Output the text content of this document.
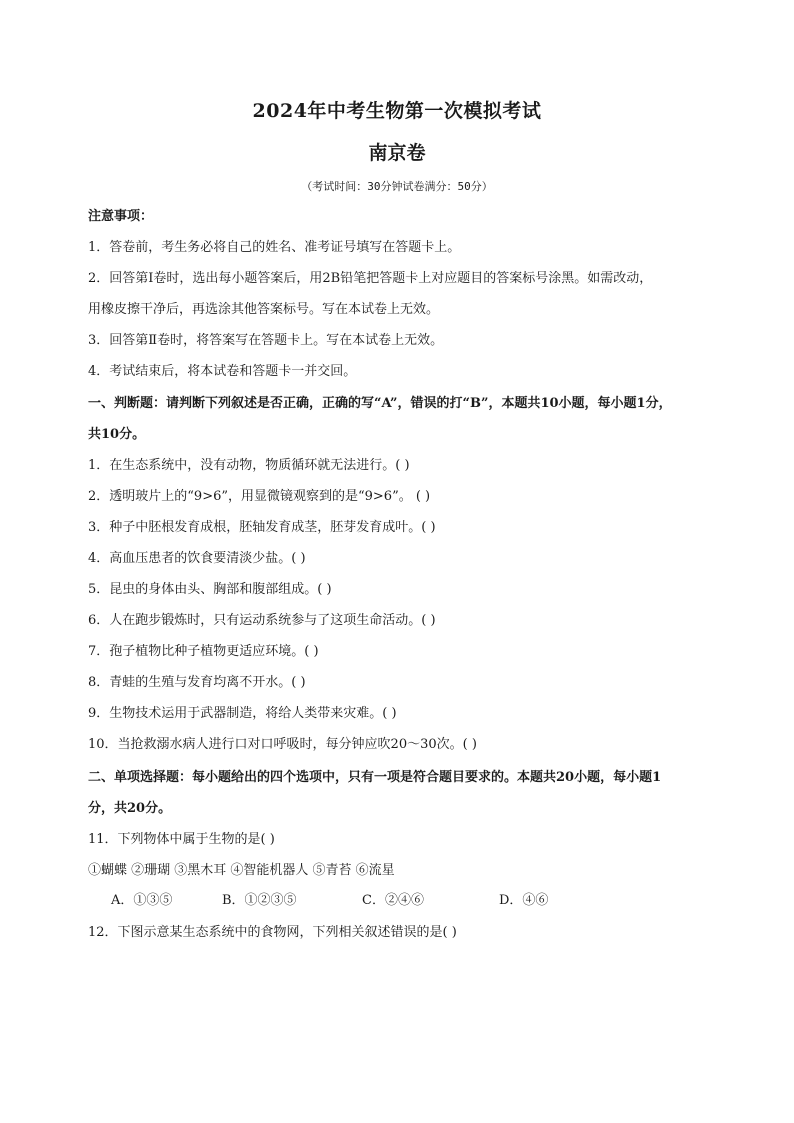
2024年中考生物第一次模拟考试
南京卷
（考试时间：30分钟试卷满分：50分）
注意事项：
1．答卷前，考生务必将自己的姓名、准考证号填写在答题卡上。
2．回答第Ⅰ卷时，选出每小题答案后，用2B铅笔把答题卡上对应题目的答案标号涂黑。如需改动，
用橡皮擦干净后，再选涂其他答案标号。写在本试卷上无效。
3．回答第Ⅱ卷时，将答案写在答题卡上。写在本试卷上无效。
4．考试结束后，将本试卷和答题卡一并交回。
一、判断题：请判断下列叙述是否正确，正确的写“A”，错误的打“B”，本题共10小题，每小题1分，
共10分。
1．在生态系统中，没有动物，物质循环就无法进行。( )
2．透明玻片上的“9>6”，用显微镜观察到的是“9>6”。 ( )
3．种子中胚根发育成根，胚轴发育成茎，胚芽发育成叶。( )
4．高血压患者的饮食要清淡少盐。( )
5．昆虫的身体由头、胸部和腹部组成。( )
6．人在跑步锻炼时，只有运动系统参与了这项生命活动。( )
7．孢子植物比种子植物更适应环境。( )
8．青蛙的生殖与发育均离不开水。( )
9．生物技术运用于武器制造，将给人类带来灾难。( )
10．当抢救溺水病人进行口对口呼吸时，每分钟应吹20～30次。( )
二、单项选择题：每小题给出的四个选项中，只有一项是符合题目要求的。本题共20小题，每小题1
分，共20分。
11．下列物体中属于生物的是( )
①蝴蝶 ②珊瑚 ③黑木耳 ④智能机器人 ⑤青苔 ⑥流星
A．①③⑤	B．①②③⑤	C．②④⑥	D．④⑥
12．下图示意某生态系统中的食物网，下列相关叙述错误的是( )
